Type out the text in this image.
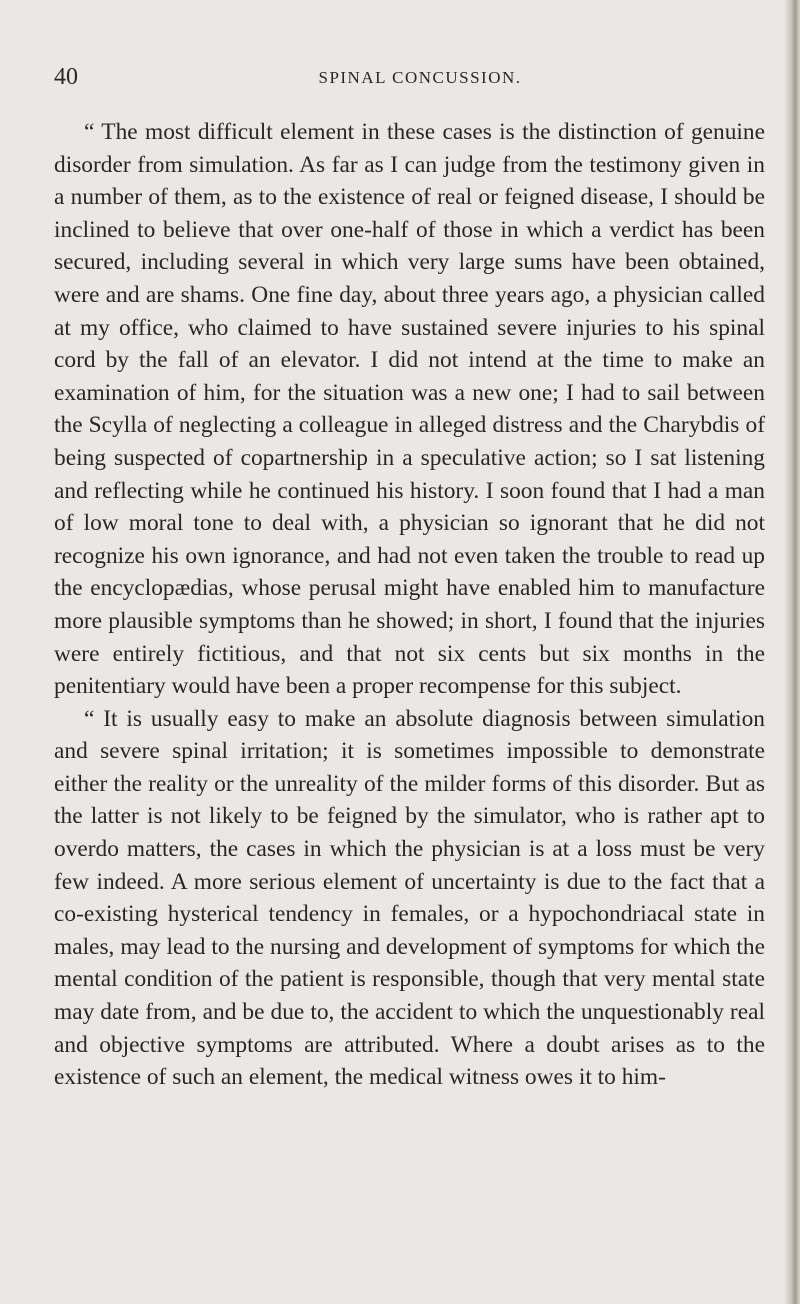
40	SPINAL CONCUSSION.

“ The most difficult element in these cases is the distinction of genuine disorder from simulation. As far as I can judge from the testimony given in a number of them, as to the existence of real or feigned disease, I should be inclined to believe that over one-half of those in which a verdict has been secured, including several in which very large sums have been obtained, were and are shams. One fine day, about three years ago, a physician called at my office, who claimed to have sustained severe injuries to his spinal cord by the fall of an elevator. I did not intend at the time to make an examination of him, for the situation was a new one; I had to sail between the Scylla of neglecting a colleague in alleged distress and the Charybdis of being suspected of copartnership in a speculative action; so I sat listening and reflecting while he continued his history. I soon found that I had a man of low moral tone to deal with, a physician so ignorant that he did not recognize his own ignorance, and had not even taken the trouble to read up the encyclopædias, whose perusal might have enabled him to manufacture more plausible symptoms than he showed; in short, I found that the injuries were entirely fictitious, and that not six cents but six months in the penitentiary would have been a proper recompense for this subject.

“ It is usually easy to make an absolute diagnosis between simulation and severe spinal irritation; it is sometimes impossible to demonstrate either the reality or the unreality of the milder forms of this disorder. But as the latter is not likely to be feigned by the simulator, who is rather apt to overdo matters, the cases in which the physician is at a loss must be very few indeed. A more serious element of uncertainty is due to the fact that a co-existing hysterical tendency in females, or a hypochondriacal state in males, may lead to the nursing and development of symptoms for which the mental condition of the patient is responsible, though that very mental state may date from, and be due to, the accident to which the unquestionably real and objective symptoms are attributed. Where a doubt arises as to the existence of such an element, the medical witness owes it to him-
